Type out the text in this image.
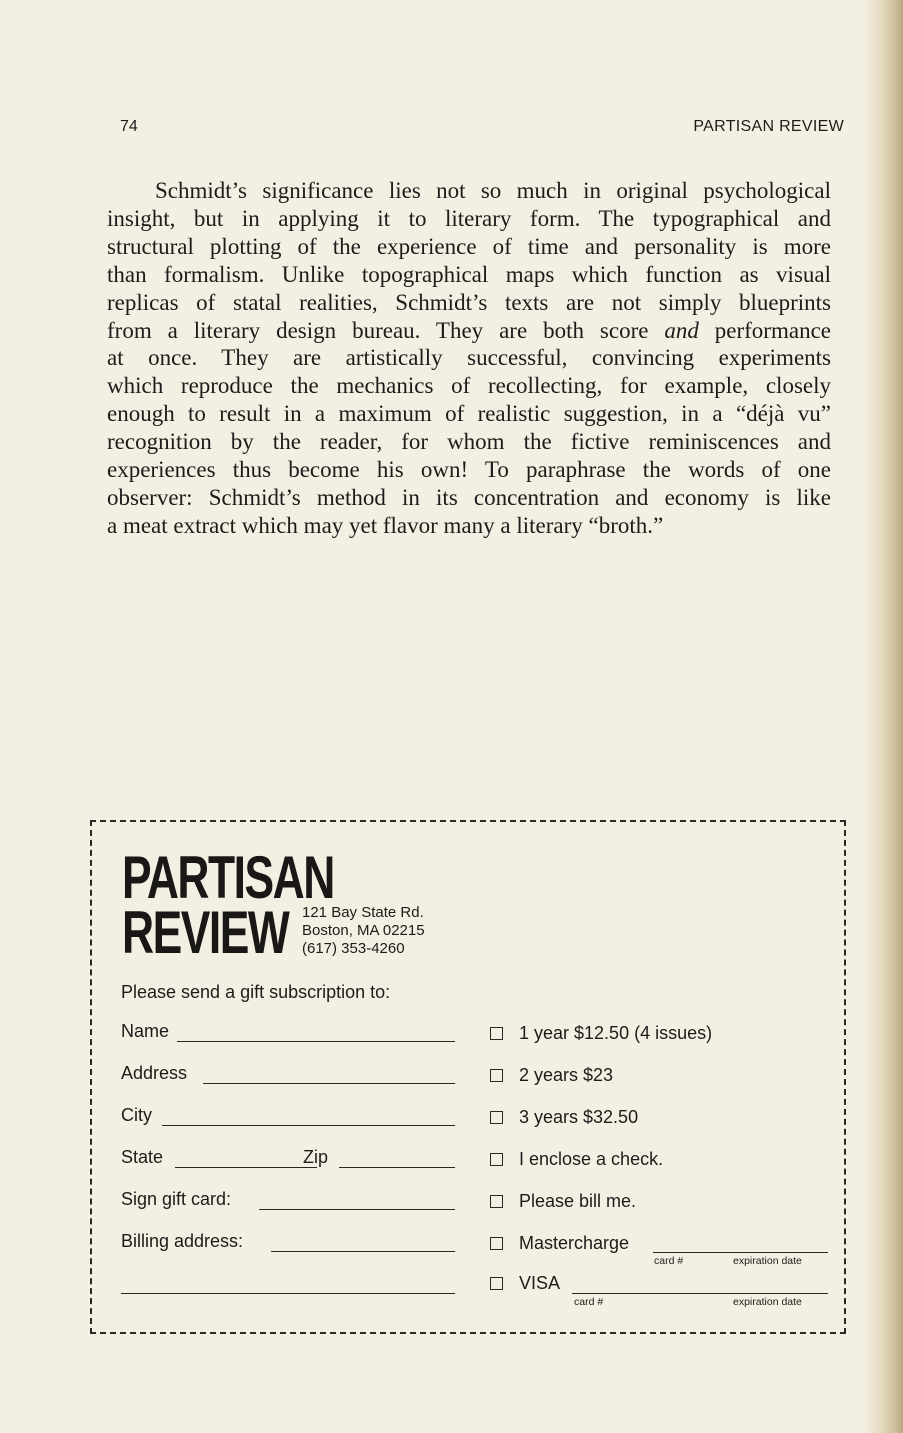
74	PARTISAN REVIEW
Schmidt’s significance lies not so much in original psychological
insight, but in applying it to literary form. The typographical and
structural plotting of the experience of time and personality is more
than formalism. Unlike topographical maps which function as visual
replicas of statal realities, Schmidt’s texts are not simply blueprints
from a literary design bureau. They are both score and performance
at once. They are artistically successful, convincing experiments
which reproduce the mechanics of recollecting, for example, closely
enough to result in a maximum of realistic suggestion, in a “déjà vu”
recognition by the reader, for whom the fictive reminiscences and
experiences thus become his own! To paraphrase the words of one
observer: Schmidt’s method in its concentration and economy is like
a meat extract which may yet flavor many a literary “broth.”
PARTISAN
REVIEW 121 Bay State Rd.
Boston, MA 02215
(617) 353-4260
Please send a gift subscription to:
Name
Address
City
State	Zip
Sign gift card:
Billing address:
1 year $12.50 (4 issues)
2 years $23
3 years $32.50
I enclose a check.
Please bill me.
Mastercharge
card #	expiration date
VISA
card #	expiration date
